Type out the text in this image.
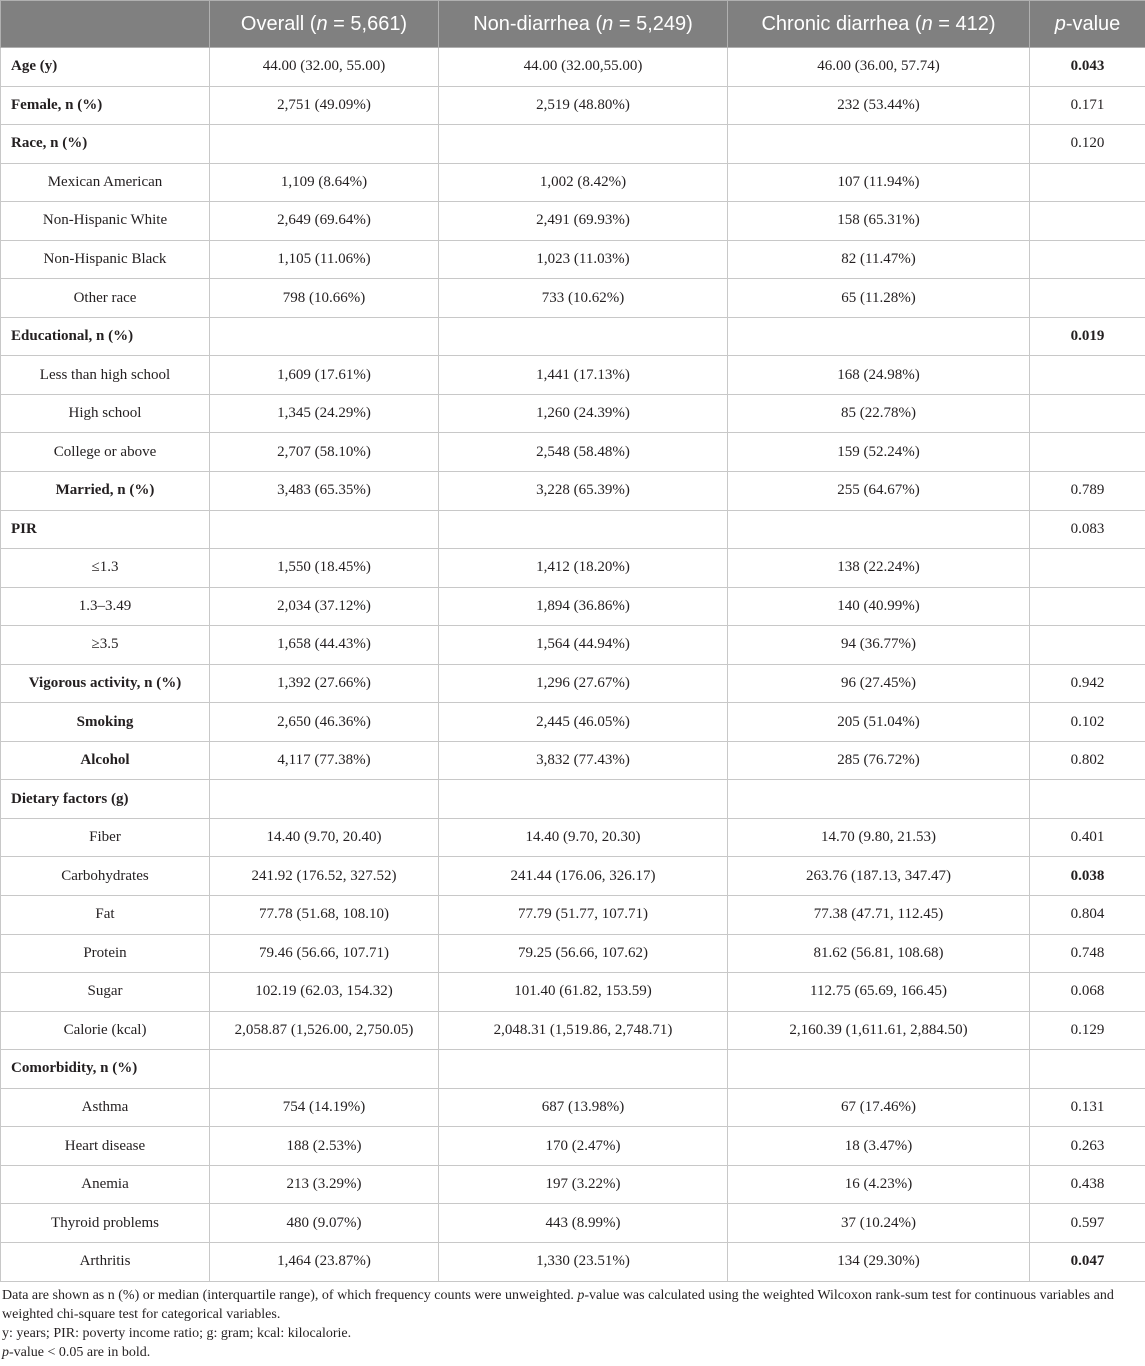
	Overall (n = 5,661)	Non-diarrhea (n = 5,249)	Chronic diarrhea (n = 412)	p-value
Age (y)	44.00 (32.00, 55.00)	44.00 (32.00,55.00)	46.00 (36.00, 57.74)	0.043
Female, n (%)	2,751 (49.09%)	2,519 (48.80%)	232 (53.44%)	0.171
Race, n (%)				0.120
Mexican American	1,109 (8.64%)	1,002 (8.42%)	107 (11.94%)	
Non-Hispanic White	2,649 (69.64%)	2,491 (69.93%)	158 (65.31%)	
Non-Hispanic Black	1,105 (11.06%)	1,023 (11.03%)	82 (11.47%)	
Other race	798 (10.66%)	733 (10.62%)	65 (11.28%)	
Educational, n (%)				0.019
Less than high school	1,609 (17.61%)	1,441 (17.13%)	168 (24.98%)	
High school	1,345 (24.29%)	1,260 (24.39%)	85 (22.78%)	
College or above	2,707 (58.10%)	2,548 (58.48%)	159 (52.24%)	
Married, n (%)	3,483 (65.35%)	3,228 (65.39%)	255 (64.67%)	0.789
PIR				0.083
≤1.3	1,550 (18.45%)	1,412 (18.20%)	138 (22.24%)	
1.3–3.49	2,034 (37.12%)	1,894 (36.86%)	140 (40.99%)	
≥3.5	1,658 (44.43%)	1,564 (44.94%)	94 (36.77%)	
Vigorous activity, n (%)	1,392 (27.66%)	1,296 (27.67%)	96 (27.45%)	0.942
Smoking	2,650 (46.36%)	2,445 (46.05%)	205 (51.04%)	0.102
Alcohol	4,117 (77.38%)	3,832 (77.43%)	285 (76.72%)	0.802
Dietary factors (g)				
Fiber	14.40 (9.70, 20.40)	14.40 (9.70, 20.30)	14.70 (9.80, 21.53)	0.401
Carbohydrates	241.92 (176.52, 327.52)	241.44 (176.06, 326.17)	263.76 (187.13, 347.47)	0.038
Fat	77.78 (51.68, 108.10)	77.79 (51.77, 107.71)	77.38 (47.71, 112.45)	0.804
Protein	79.46 (56.66, 107.71)	79.25 (56.66, 107.62)	81.62 (56.81, 108.68)	0.748
Sugar	102.19 (62.03, 154.32)	101.40 (61.82, 153.59)	112.75 (65.69, 166.45)	0.068
Calorie (kcal)	2,058.87 (1,526.00, 2,750.05)	2,048.31 (1,519.86, 2,748.71)	2,160.39 (1,611.61, 2,884.50)	0.129
Comorbidity, n (%)				
Asthma	754 (14.19%)	687 (13.98%)	67 (17.46%)	0.131
Heart disease	188 (2.53%)	170 (2.47%)	18 (3.47%)	0.263
Anemia	213 (3.29%)	197 (3.22%)	16 (4.23%)	0.438
Thyroid problems	480 (9.07%)	443 (8.99%)	37 (10.24%)	0.597
Arthritis	1,464 (23.87%)	1,330 (23.51%)	134 (29.30%)	0.047

Data are shown as n (%) or median (interquartile range), of which frequency counts were unweighted. p-value was calculated using the weighted Wilcoxon rank-sum test for continuous variables and weighted chi-square test for categorical variables.

y: years; PIR: poverty income ratio; g: gram; kcal: kilocalorie.

p-value < 0.05 are in bold.
